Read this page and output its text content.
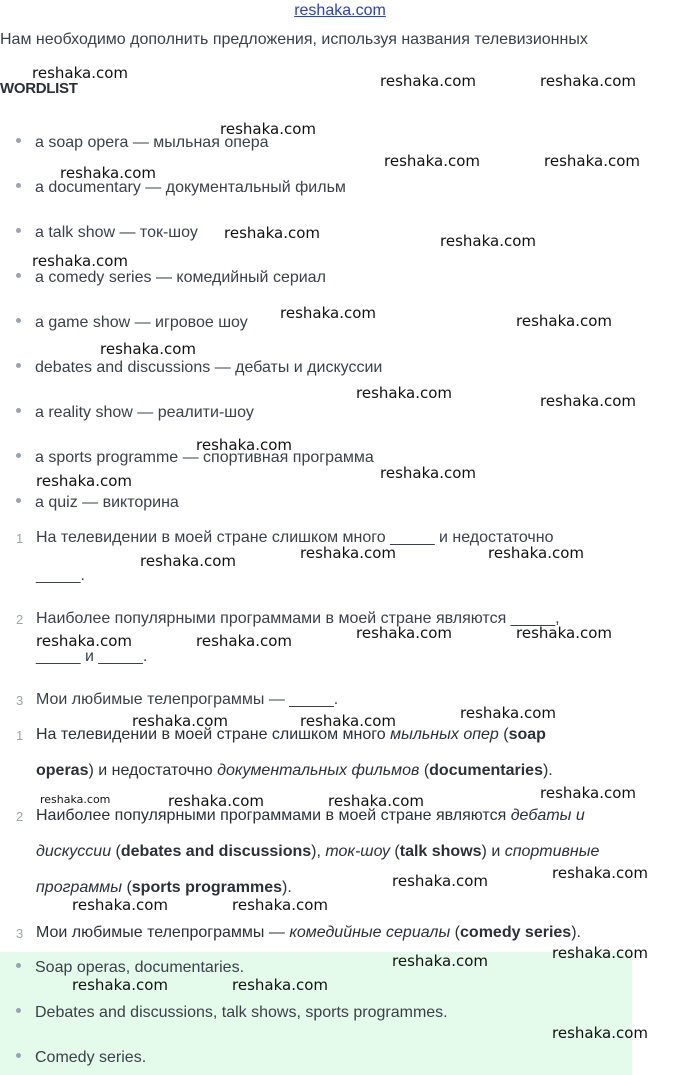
reshaka.com
Нам необходимо дополнить предложения, используя названия телевизионных
WORDLIST
a soap opera — мыльная опера
a documentary — документальный фильм
a talk show — ток-шоу
a comedy series — комедийный сериал
a game show — игровое шоу
debates and discussions — дебаты и дискуссии
a reality show — реалити-шоу
a sports programme — спортивная программа
a quiz — викторина
1 На телевидении в моей стране слишком много _____ и недостаточно
_____.
2 Наиболее популярными программами в моей стране являются _____,
_____ и _____.
3 Мои любимые телепрограммы — _____.
1 На телевидении в моей стране слишком много мыльных опер (soap
operas) и недостаточно документальных фильмов (documentaries).
2 Наиболее популярными программами в моей стране являются дебаты и
дискуссии (debates and discussions), ток-шоу (talk shows) и спортивные
программы (sports programmes).
3 Мои любимые телепрограммы — комедийные сериалы (comedy series).
Soap operas, documentaries.
Debates and discussions, talk shows, sports programmes.
Comedy series.
reshaka.com	reshaka.com	reshaka.com
reshaka.com
reshaka.com	reshaka.com
reshaka.com
reshaka.com	reshaka.com
reshaka.com
reshaka.com	reshaka.com
reshaka.com
reshaka.com	reshaka.com
reshaka.com
reshaka.com
reshaka.com
reshaka.com	reshaka.com
reshaka.com
reshaka.com	reshaka.com
reshaka.com	reshaka.com
reshaka.com
reshaka.com	reshaka.com
reshaka.com
reshaka.com	reshaka.com	reshaka.com
reshaka.com
reshaka.com
reshaka.com	reshaka.com
reshaka.com
reshaka.com
reshaka.com	reshaka.com
reshaka.com
